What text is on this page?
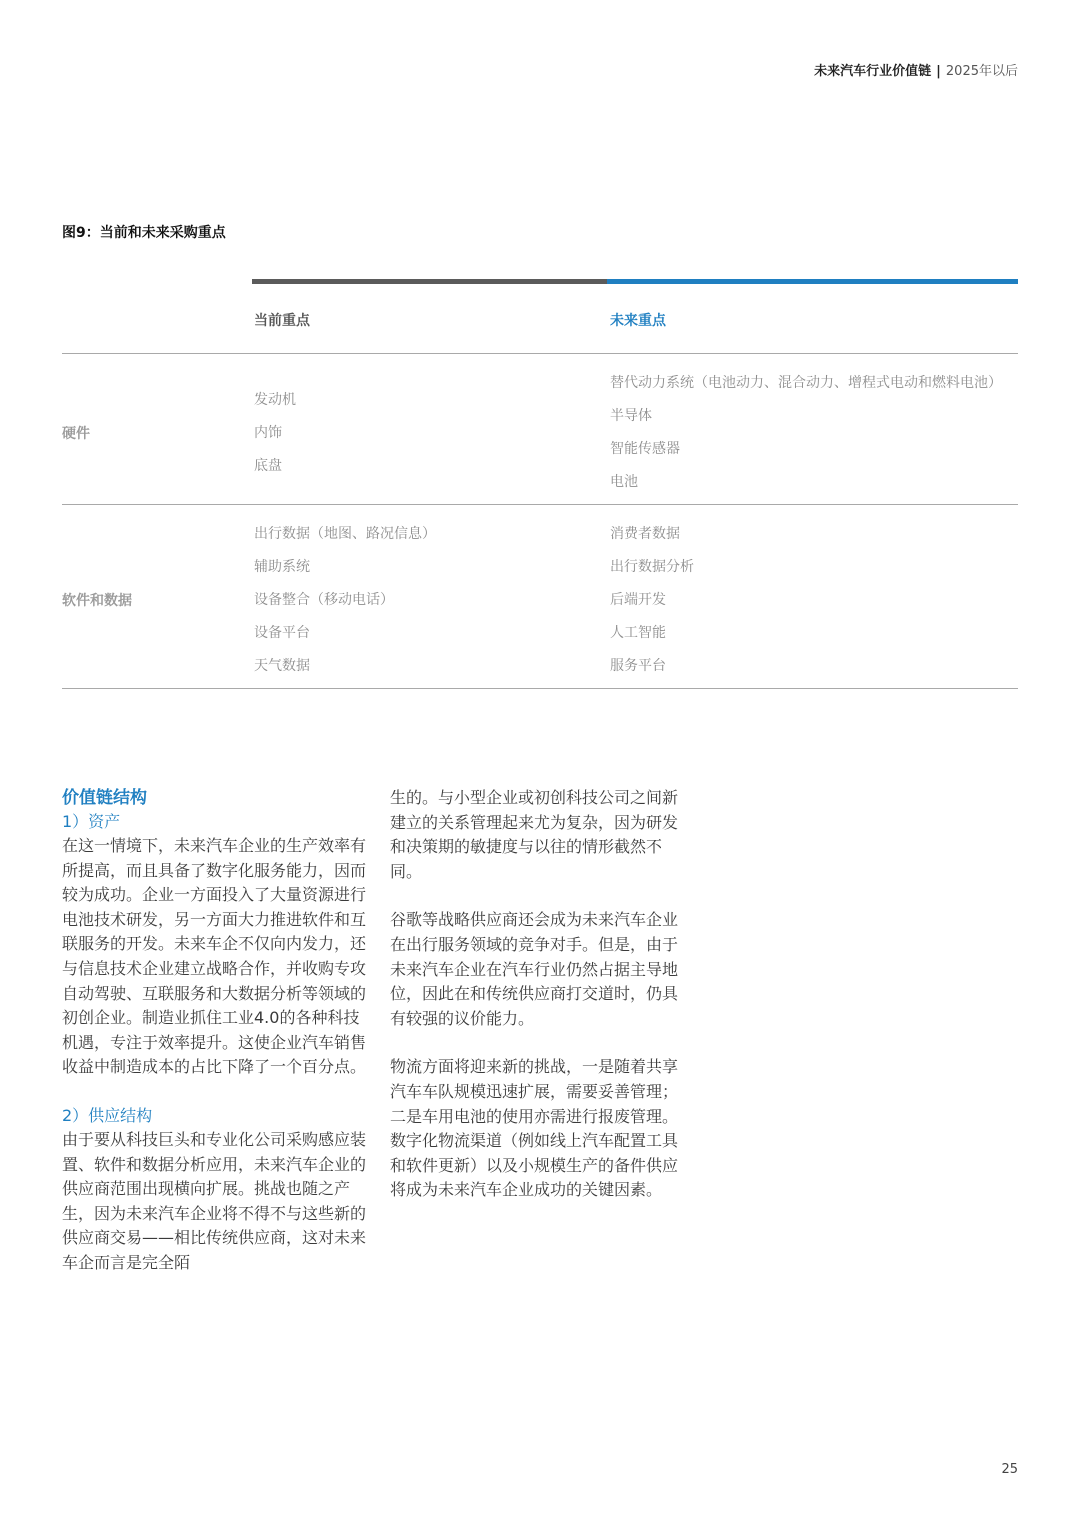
未来汽车行业价值链 | 2025年以后
图9：当前和未来采购重点
当前重点	未来重点
硬件
发动机
内饰
底盘
替代动力系统（电池动力、混合动力、增程式电动和燃料电池）
半导体
智能传感器
电池
软件和数据
出行数据（地图、路况信息）
辅助系统
设备整合（移动电话）
设备平台
天气数据
消费者数据
出行数据分析
后端开发
人工智能
服务平台
价值链结构
1）资产

在这一情境下，未来汽车企业的生产效率有所提高，而且具备了数字化服务能力，因而较为成功。企业一方面投入了大量资源进行电池技术研发，另一方面大力推进软件和互联服务的开发。未来车企不仅向内发力，还与信息技术企业建立战略合作，并收购专攻自动驾驶、互联服务和大数据分析等领域的初创企业。制造业抓住工业4.0的各种科技机遇，专注于效率提升。这使企业汽车销售收益中制造成本的占比下降了一个百分点。

2）供应结构

由于要从科技巨头和专业化公司采购感应装置、软件和数据分析应用，未来汽车企业的供应商范围出现横向扩展。挑战也随之产生，因为未来汽车企业将不得不与这些新的供应商交易——相比传统供应商，这对未来车企而言是完全陌

生的。与小型企业或初创科技公司之间新建立的关系管理起来尤为复杂，因为研发和决策期的敏捷度与以往的情形截然不同。

谷歌等战略供应商还会成为未来汽车企业在出行服务领域的竞争对手。但是，由于未来汽车企业在汽车行业仍然占据主导地位，因此在和传统供应商打交道时，仍具有较强的议价能力。

物流方面将迎来新的挑战，一是随着共享汽车车队规模迅速扩展，需要妥善管理；二是车用电池的使用亦需进行报废管理。数字化物流渠道（例如线上汽车配置工具和软件更新）以及小规模生产的备件供应将成为未来汽车企业成功的关键因素。

25
